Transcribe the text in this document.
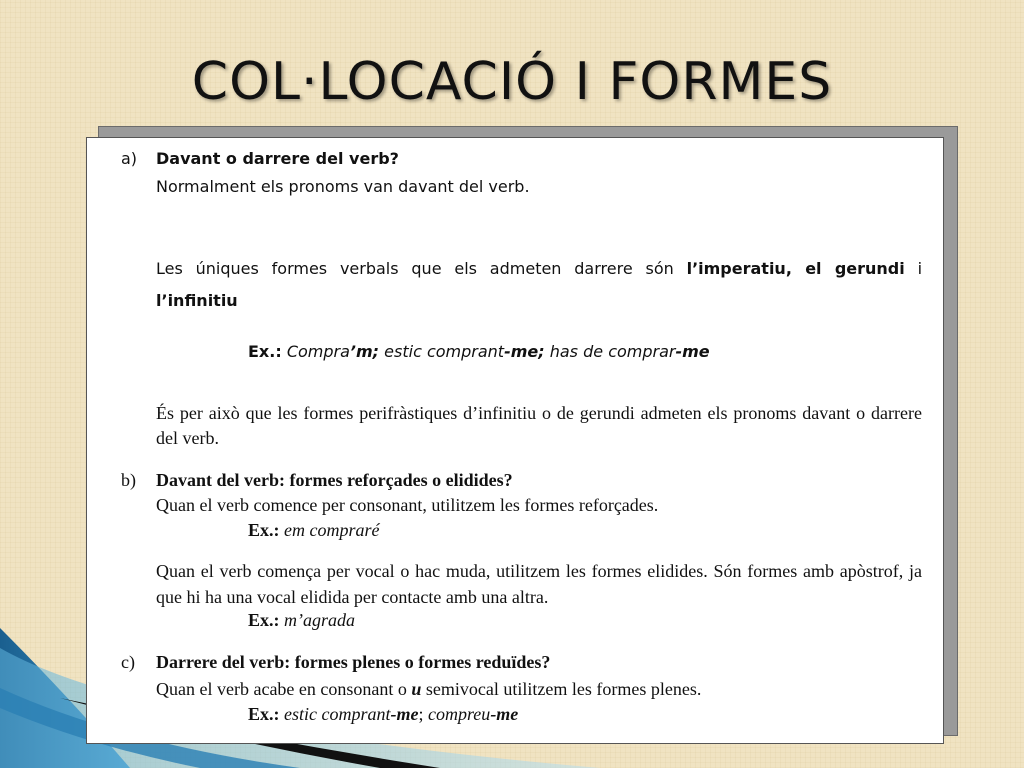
COL·LOCACIÓ I FORMES
a) Davant o darrere del verb?
Normalment els pronoms van davant del verb.
Les úniques formes verbals que els admeten darrere són l’imperatiu, el gerundi i
l’infinitiu
Ex.: Compra’m; estic comprant-me; has de comprar-me
És per això que les formes perifràstiques d’infinitiu o de gerundi admeten els pronoms davant o darrere del verb.
b) Davant del verb: formes reforçades o elidides?
Quan el verb comence per consonant, utilitzem les formes reforçades.
Ex.: em compraré
Quan el verb comença per vocal o hac muda, utilitzem les formes elidides. Són formes amb apòstrof, ja que hi ha una vocal elidida per contacte amb una altra.
Ex.: m’agrada
c) Darrere del verb: formes plenes o formes reduïdes?
Quan el verb acabe en consonant o u semivocal utilitzem les formes plenes.
Ex.: estic comprant-me; compreu-me
